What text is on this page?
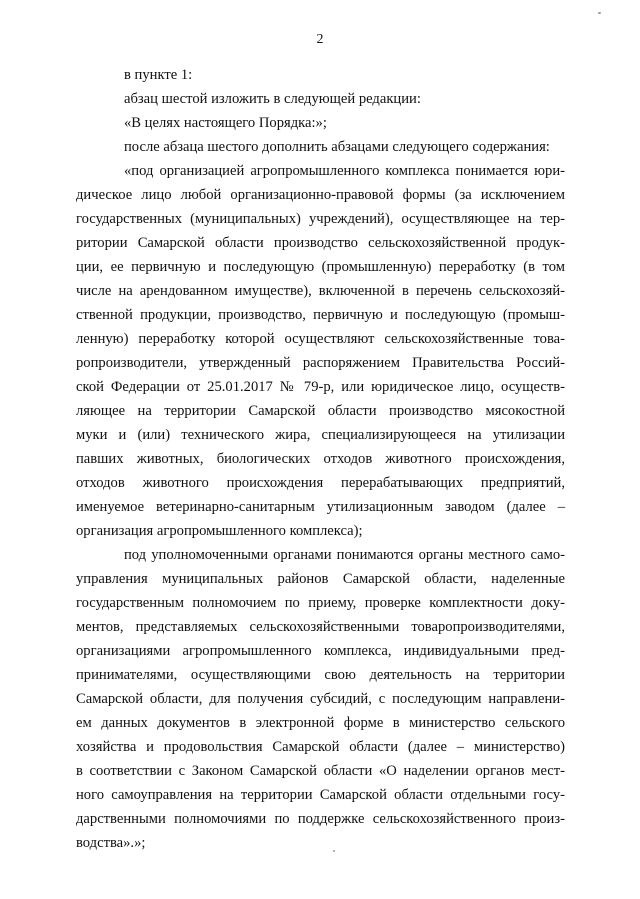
2
в пункте 1:
абзац шестой изложить в следующей редакции:
«В целях настоящего Порядка:»;
после абзаца шестого дополнить абзацами следующего содержания:
«под организацией агропромышленного комплекса понимается юри-
дическое лицо любой организационно-правовой формы (за исключением
государственных (муниципальных) учреждений), осуществляющее на тер-
ритории Самарской области производство сельскохозяйственной продук-
ции, ее первичную и последующую (промышленную) переработку (в том
числе на арендованном имуществе), включенной в перечень сельскохозяй-
ственной продукции, производство, первичную и последующую (промыш-
ленную) переработку которой осуществляют сельскохозяйственные това-
ропроизводители, утвержденный распоряжением Правительства Россий-
ской Федерации от 25.01.2017 № 79-р, или юридическое лицо, осуществ-
ляющее на территории Самарской области производство мясокостной
муки и (или) технического жира, специализирующееся на утилизации
павших животных, биологических отходов животного происхождения,
отходов животного происхождения перерабатывающих предприятий,
именуемое ветеринарно-санитарным утилизационным заводом (далее –
организация агропромышленного комплекса);
под уполномоченными органами понимаются органы местного само-
управления муниципальных районов Самарской области, наделенные
государственным полномочием по приему, проверке комплектности доку-
ментов, представляемых сельскохозяйственными товаропроизводителями,
организациями агропромышленного комплекса, индивидуальными пред-
принимателями, осуществляющими свою деятельность на территории
Самарской области, для получения субсидий, с последующим направлени-
ем данных документов в электронной форме в министерство сельского
хозяйства и продовольствия Самарской области (далее – министерство)
в соответствии с Законом Самарской области «О наделении органов мест-
ного самоуправления на территории Самарской области отдельными госу-
дарственными полномочиями по поддержке сельскохозяйственного произ-
водства».»;
